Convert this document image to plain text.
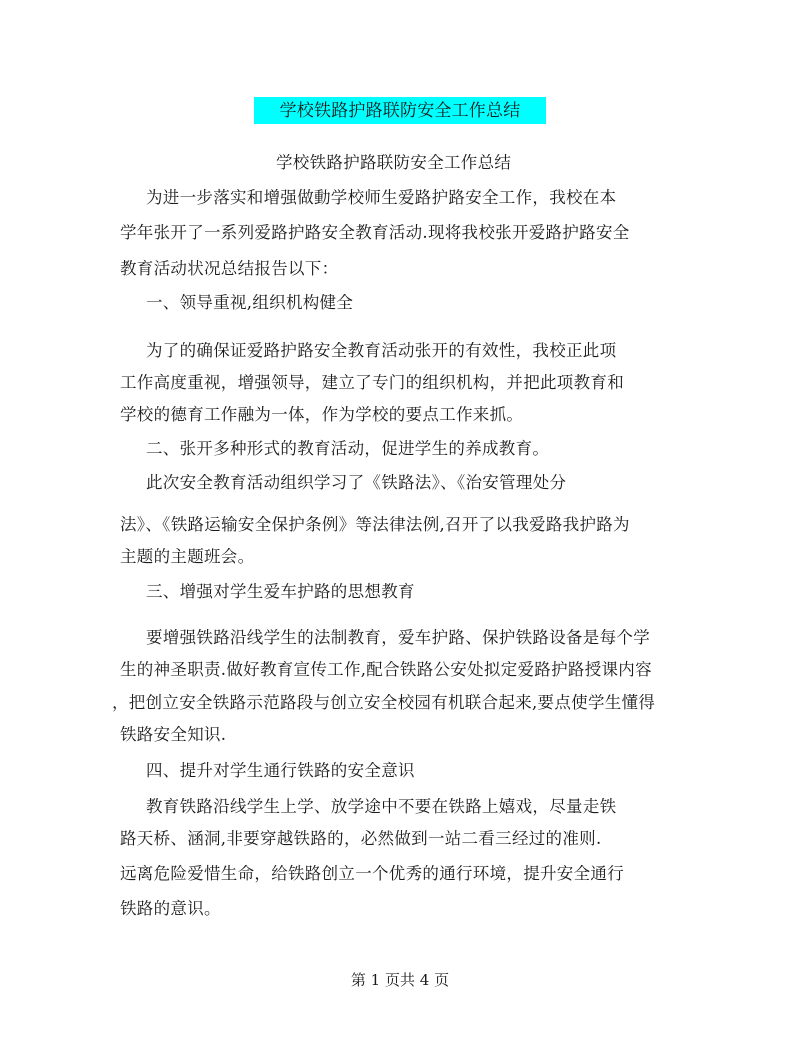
学校铁路护路联防安全工作总结
学校铁路护路联防安全工作总结
为进一步落实和增强做動学校师生爱路护路安全工作，我校在本
学年张开了一系列爱路护路安全教育活动.现将我校张开爱路护路安全
教育活动状况总结报告以下：
一、领导重视,组织机构健全
为了的确保证爱路护路安全教育活动张开的有效性，我校正此项
工作高度重视，增强领导，建立了专门的组织机构，并把此项教育和
学校的德育工作融为一体，作为学校的要点工作来抓。
二、张开多种形式的教育活动，促进学生的养成教育。
此次安全教育活动组织学习了《铁路法》、《治安管理处分
法》、《铁路运输安全保护条例》等法律法例,召开了以我爱路我护路为
主题的主题班会。
三、增强对学生爱车护路的思想教育
要增强铁路沿线学生的法制教育，爱车护路、保护铁路设备是每个学
生的神圣职责.做好教育宣传工作,配合铁路公安处拟定爱路护路授课内容
，把创立安全铁路示范路段与创立安全校园有机联合起来,要点使学生懂得
铁路安全知识.
四、提升对学生通行铁路的安全意识
教育铁路沿线学生上学、放学途中不要在铁路上嬉戏，尽量走铁
路天桥、涵洞,非要穿越铁路的，必然做到一站二看三经过的准则.
远离危险爱惜生命，给铁路创立一个优秀的通行环境，提升安全通行
铁路的意识。
第 1 页共 4 页
